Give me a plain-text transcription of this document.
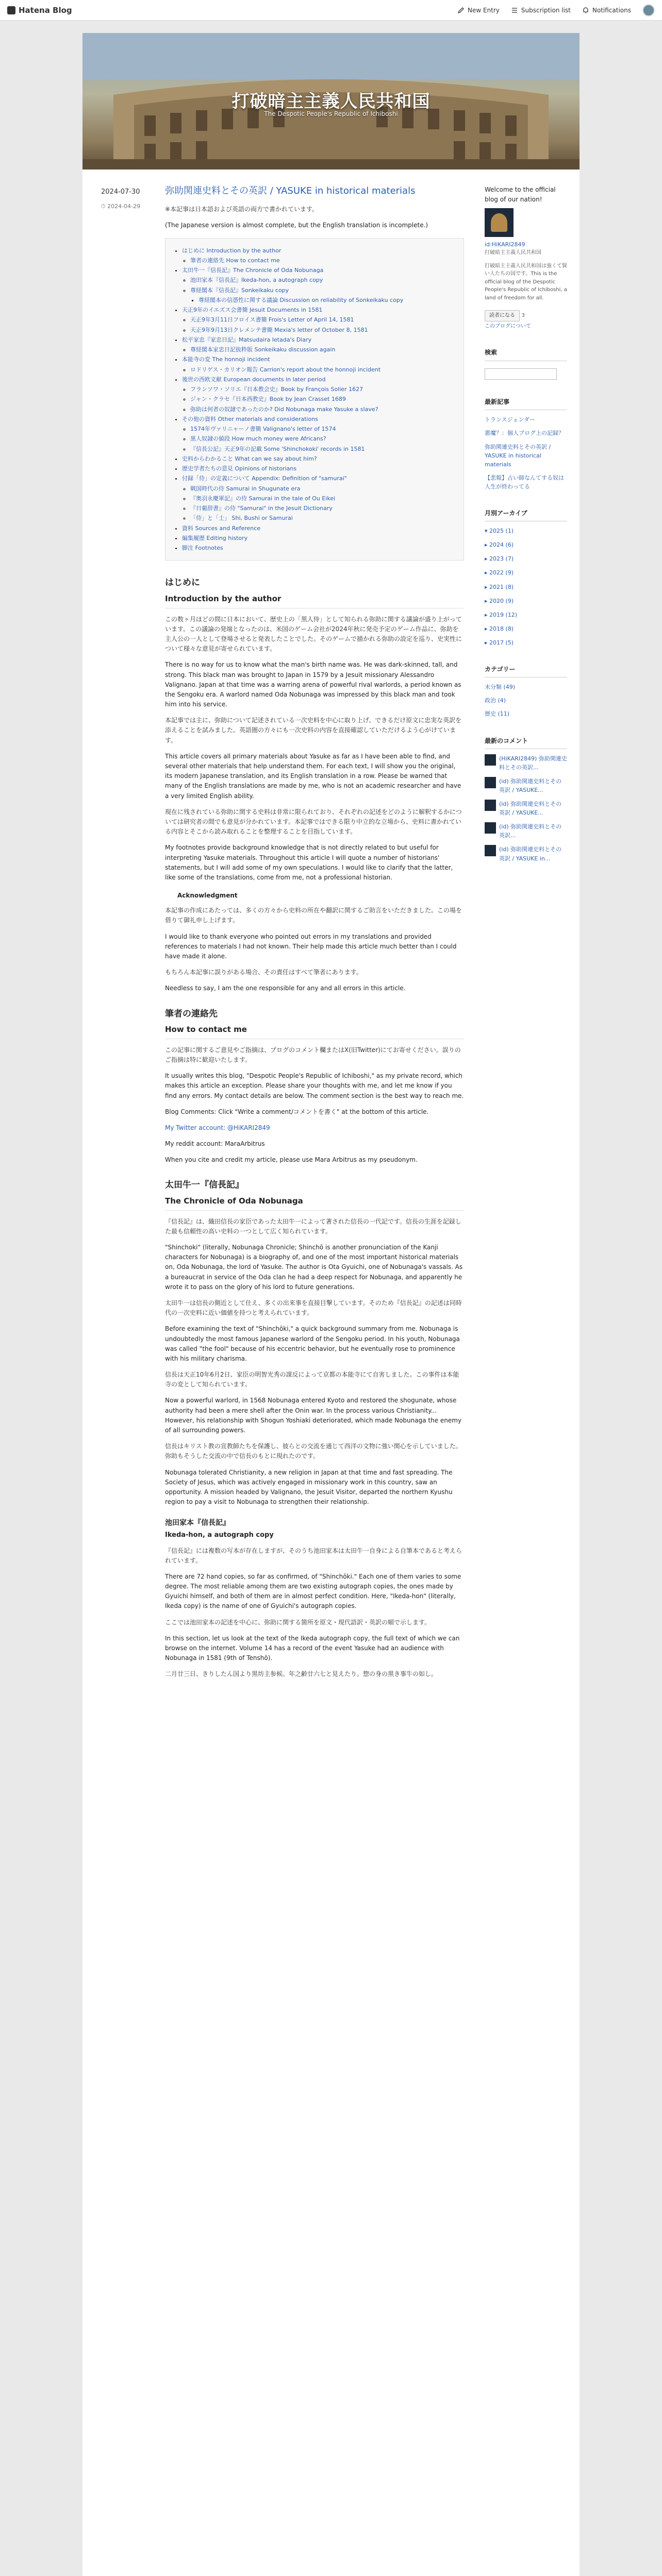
Hatena Blog	New Entry	Subscription list	Notifications
打破暗主主義人民共和国
The Despotic People's Republic of Ichiboshi
2024-07-30
⏱ 2024-04-29
弥助関連史料とその英訳 / YASUKE in historical materials

※本記事は日本語および英語の両方で書かれています。

(The Japanese version is almost complete, but the English translation is incomplete.)

• はじめに Introduction by the author
◦ 筆者の連絡先 How to contact me
• 太田牛一『信長記』The Chronicle of Oda Nobunaga
◦ 池田家本『信長記』Ikeda-hon, a autograph copy
◦ 尊経閣本『信長記』Sonkeikaku copy
▪ 尊経閣本の信憑性に関する議論 Discussion on reliability of Sonkeikaku copy
• 天正9年のイエズス会書簡 Jesuit Documents in 1581
◦ 天正9年3月11日フロイス書簡 Frois's Letter of April 14, 1581
◦ 天正9年9月13日クレメンテ書簡 Mexia's letter of October 8, 1581
• 松平家忠『家忠日記』Matsudaira Ietada's Diary
◦ 尊経閣本家忠日記抜粋版 Sonkeikaku discussion again
• 本能寺の変 The honnoji incident
◦ ロドリゲス・カリオン報告 Carrion's report about the honnoji incident
• 後世の西欧文献 European documents in later period
◦ フランソワ・ソリエ『日本教会史』Book by François Solier 1627
◦ ジャン・クラセ『日本西教史』Book by Jean Crasset 1689
◦ 弥助は何者の奴隷であったのか? Did Nobunaga make Yasuke a slave?
• その他の資料 Other materials and considerations
◦ 1574年ヴァリニャーノ書簡 Valignano's letter of 1574
◦ 黒人奴隷の値段 How much money were Africans?
◦ 『信長公記』天正9年の記載 Some 'Shinchokoki' records in 1581
• 史料からわかること What can we say about him?
• 歴史学者たちの意見 Opinions of historians
• 付録「侍」の定義について Appendix: Definition of "samurai"
◦ 戦国時代の侍 Samurai in Shugunate era
◦ 『奥羽永慶軍記』の侍 Samurai in the tale of Ou Eikei
◦ 『日葡辞書』の侍 "Samurai" in the Jesuit Dictionary
◦ 「侍」と「士」 Shi, Bushi or Samurai
• 資料 Sources and Reference
• 編集履歴 Editing history
• 脚注 Footnotes
はじめに
Introduction by the author

この数ヶ月ほどの間に日本において、歴史上の「黒人侍」として知られる弥助に関する議論が盛り上がっています。この議論の発端となったのは、米国のゲーム会社が2024年秋に発売予定のゲーム作品に、弥助を主人公の一人として登場させると発表したことでした。そのゲームで描かれる弥助の設定を巡り、史実性について様々な意見が寄せられています。

There is no way for us to know what the man's birth name was. He was dark-skinned, tall, and strong. This black man was brought to Japan in 1579 by a Jesuit missionary Alessandro Valignano. Japan at that time was a warring arena of powerful rival warlords, a period known as the Sengoku era. A warlord named Oda Nobunaga was impressed by this black man and took him into his service.

本記事では主に、弥助について記述されている一次史料を中心に取り上げ、できるだけ原文に忠実な英訳を添えることを試みました。英語圏の方々にも一次史料の内容を直接確認していただけるよう心がけています。

This article covers all primary materials about Yasuke as far as I have been able to find, and several other materials that help understand them. For each text, I will show you the original, its modern Japanese translation, and its English translation in a row. Please be warned that many of the English translations are made by me, who is not an academic researcher and have a very limited English ability.

現在に残されている弥助に関する史料は非常に限られており、それぞれの記述をどのように解釈するかについては研究者の間でも意見が分かれています。本記事ではできる限り中立的な立場から、史料に書かれている内容とそこから読み取れることを整理することを目指しています。

My footnotes provide background knowledge that is not directly related to but useful for interpreting Yasuke materials. Throughout this article I will quote a number of historians' statements, but I will add some of my own speculations. I would like to clarify that the latter, like some of the translations, come from me, not a professional historian.

Acknowledgment

本記事の作成にあたっては、多くの方々から史料の所在や翻訳に関するご助言をいただきました。この場を借りて御礼申し上げます。

I would like to thank everyone who pointed out errors in my translations and provided references to materials I had not known. Their help made this article much better than I could have made it alone.

もちろん本記事に誤りがある場合、その責任はすべて筆者にあります。

Needless to say, I am the one responsible for any and all errors in this article.

筆者の連絡先
How to contact me

この記事に関するご意見やご指摘は、ブログのコメント欄またはX(旧Twitter)にてお寄せください。誤りのご指摘は特に歓迎いたします。

It usually writes this blog, "Despotic People's Republic of Ichiboshi," as my private record, which makes this article an exception. Please share your thoughts with me, and let me know if you find any errors. My contact details are below. The comment section is the best way to reach me.

Blog Comments: Click "Write a comment/コメントを書く" at the bottom of this article.

My Twitter account: @HiKARI2849

My reddit account: MaraArbitrus

When you cite and credit my article, please use Mara Arbitrus as my pseudonym.

太田牛一『信長記』
The Chronicle of Oda Nobunaga

『信長記』は、織田信長の家臣であった太田牛一によって著された信長の一代記です。信長の生涯を記録した最も信頼性の高い史料の一つとして広く知られています。

"Shinchoki" (literally, Nobunaga Chronicle; Shinchō is another pronunciation of the Kanji characters for Nobunaga) is a biography of, and one of the most important historical materials on, Oda Nobunaga, the lord of Yasuke. The author is Ota Gyuichi, one of Nobunaga's vassals. As a bureaucrat in service of the Oda clan he had a deep respect for Nobunaga, and apparently he wrote it to pass on the glory of his lord to future generations.

太田牛一は信長の側近として仕え、多くの出来事を直接目撃しています。そのため『信長記』の記述は同時代の一次史料に近い価値を持つと考えられています。

Before examining the text of "Shinchōki," a quick background summary from me. Nobunaga is undoubtedly the most famous Japanese warlord of the Sengoku period. In his youth, Nobunaga was called "the fool" because of his eccentric behavior, but he eventually rose to prominence with his military charisma.

信長は天正10年6月2日、家臣の明智光秀の謀反によって京都の本能寺にて自害しました。この事件は本能寺の変として知られています。

Now a powerful warlord, in 1568 Nobunaga entered Kyoto and restored the shogunate, whose authority had been a mere shell after the Onin war. In the process various Christianity... However, his relationship with Shogun Yoshiaki deteriorated, which made Nobunaga the enemy of all surrounding powers.

信長はキリスト教の宣教師たちを保護し、彼らとの交流を通じて西洋の文物に強い関心を示していました。弥助もそうした交流の中で信長のもとに現れたのです。

Nobunaga tolerated Christianity, a new religion in Japan at that time and fast spreading. The Society of Jesus, which was actively engaged in missionary work in this country, saw an opportunity. A mission headed by Valignano, the Jesuit Visitor, departed the northern Kyushu region to pay a visit to Nobunaga to strengthen their relationship.

池田家本『信長記』
Ikeda-hon, a autograph copy

『信長記』には複数の写本が存在しますが、そのうち池田家本は太田牛一自身による自筆本であると考えられています。

There are 72 hand copies, so far as confirmed, of "Shinchōki." Each one of them varies to some degree. The most reliable among them are two existing autograph copies, the ones made by Gyuichi himself, and both of them are in almost perfect condition. Here, "Ikeda-hon" (literally, Ikeda copy) is the name of one of Gyuichi's autograph copies.

ここでは池田家本の記述を中心に、弥助に関する箇所を原文・現代語訳・英訳の順で示します。

In this section, let us look at the text of the Ikeda autograph copy, the full text of which we can browse on the internet. Volume 14 has a record of the event Yasuke had an audience with Nobunaga in 1581 (9th of Tenshō).

二月廿三日、きりしたん国より黒坊主参候。年之齢廿六七と見えたり。惣の身の黒き事牛の如し。

Welcome to the official blog of our nation!
id:HiKARI2849
打破暗主主義人民共和国

打破暗主主義人民共和国は強くて賢い人たちの国です。This is the official blog of the Despotic People's Republic of Ichiboshi, a land of freedom for all.

読者になる 3
このブログについて
検索
最新記事
トランスジェンダー
悪魔？：個人ブログ上の記録？
弥助関連史料とその英訳 / YASUKE in historical materials
【悲報】占い師なんてする奴は人生が終わってる
月別アーカイブ
▾ 2025 (1)
▸ 2024 (6)
▸ 2023 (7)
▸ 2022 (9)
▸ 2021 (8)
▸ 2020 (9)
▸ 2019 (12)
▸ 2018 (8)
▸ 2017 (5)
カテゴリー
未分類 (49)
政治 (4)
歴史 (11)
最新のコメント
(HiKARI2849) 弥助関連史料とその英訳...
(id) 弥助関連史料とその英訳 / YASUKE...
(id) 弥助関連史料とその英訳 / YASUKE...
(id) 弥助関連史料とその英訳...
(id) 弥助関連史料とその英訳 / YASUKE in...
